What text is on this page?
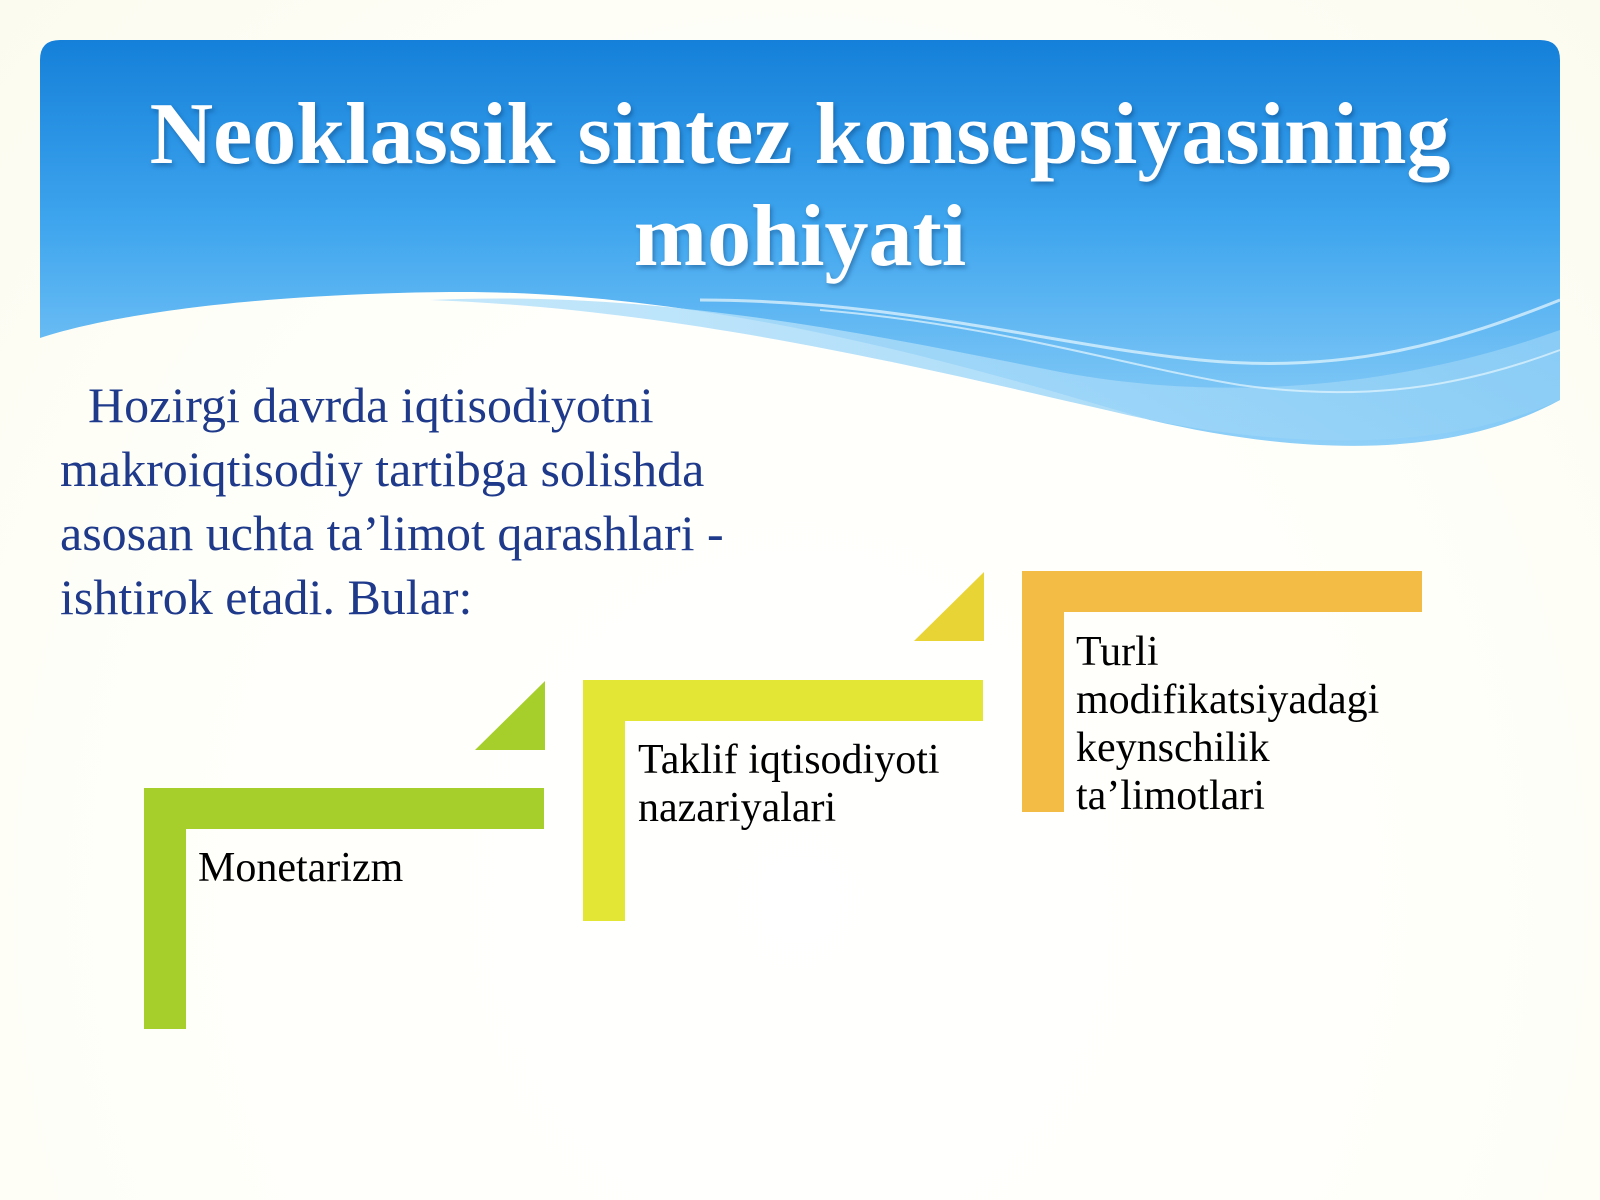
Neoklassik sintez konsepsiyasining mohiyati

Hozirgi davrda iqtisodiyotni makroiqtisodiy tartibga solishda asosan uchta ta’limot qarashlari - ishtirok etadi. Bular:

Monetarizm

Taklif iqtisodiyoti nazariyalari

Turli modifikatsiyadagi keynschilik ta’limotlari
